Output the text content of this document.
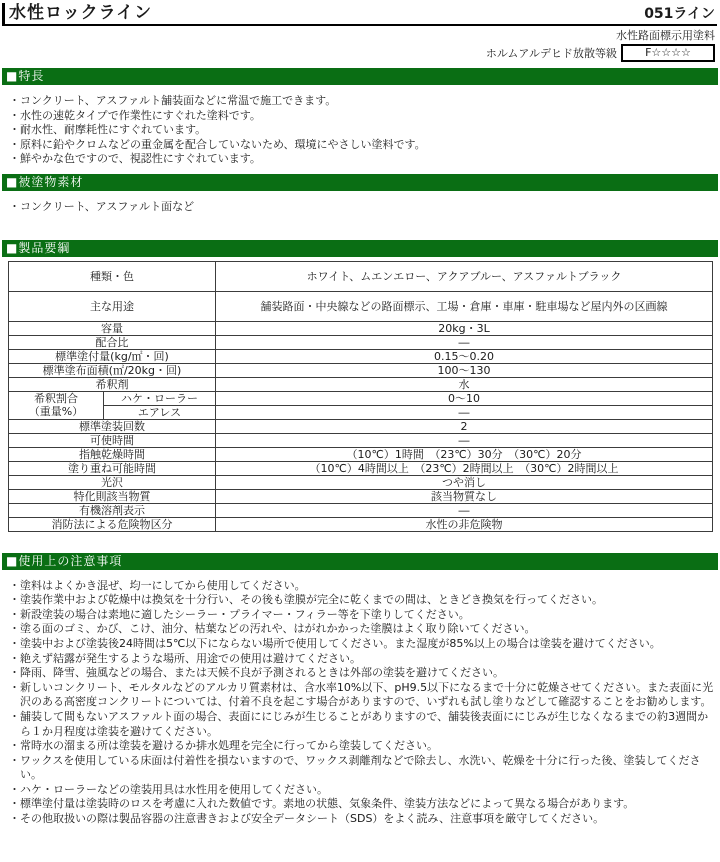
水性ロックライン	051ライン
水性路面標示用塗料
ホルムアルデヒド放散等級	F☆☆☆☆
■特長
・コンクリート、アスファルト舗装面などに常温で施工できます。
・水性の速乾タイプで作業性にすぐれた塗料です。
・耐水性、耐摩耗性にすぐれています。
・原料に鉛やクロムなどの重金属を配合していないため、環境にやさしい塗料です。
・鮮やかな色ですので、視認性にすぐれています。
■被塗物素材
・コンクリート、アスファルト面など
■製品要綱
種類・色		ホワイト、ムエンエロー、アクアブルー、アスファルトブラック
主な用途		舗装路面・中央線などの路面標示、工場・倉庫・車庫・駐車場など屋内外の区画線
容量		20kg・3L
配合比		―
標準塗付量(kg/㎡・回)		0.15～0.20
標準塗布面積(㎡/20kg・回)		100～130
希釈剤		水

希釈割合
（重量%）	ハケ・ローラー	0～10
	エアレス	―
標準塗装回数		2
可使時間		―
指触乾燥時間		（10℃）1時間　（23℃）30分　（30℃）20分
塗り重ね可能時間		（10℃）4時間以上　（23℃）2時間以上　（30℃）2時間以上
光沢		つや消し
特化則該当物質		該当物質なし
有機溶剤表示		―
消防法による危険物区分		水性の非危険物
■使用上の注意事項
・塗料はよくかき混ぜ、均一にしてから使用してください。
・塗装作業中および乾燥中は換気を十分行い、その後も塗膜が完全に乾くまでの間は、ときどき換気を行ってください。
・新設塗装の場合は素地に適したシーラー・プライマー・フィラー等を下塗りしてください。
・塗る面のゴミ、かび、こけ、油分、枯葉などの汚れや、はがれかかった塗膜はよく取り除いてください。
・塗装中および塗装後24時間は5℃以下にならない場所で使用してください。また湿度が85%以上の場合は塗装を避けてください。
・絶えず結露が発生するような場所、用途での使用は避けてください。
・降雨、降雪、強風などの場合、または天候不良が予測されるときは外部の塗装を避けてください。
・新しいコンクリート、モルタルなどのアルカリ質素材は、含水率10%以下、pH9.5以下になるまで十分に乾燥させてください。また表面に光沢のある高密度コンクリートについては、付着不良を起こす場合がありますので、いずれも試し塗りなどして確認することをお勧めします。
・舗装して間もないアスファルト面の場合、表面ににじみが生じることがありますので、舗装後表面ににじみが生じなくなるまでの約3週間から１か月程度は塗装を避けてください。
・常時水の溜まる所は塗装を避けるか排水処理を完全に行ってから塗装してください。
・ワックスを使用している床面は付着性を損ないますので、ワックス剥離剤などで除去し、水洗い、乾燥を十分に行った後、塗装してください。
・ハケ・ローラーなどの塗装用具は水性用を使用してください。
・標準塗付量は塗装時のロスを考慮に入れた数値です。素地の状態、気象条件、塗装方法などによって異なる場合があります。
・その他取扱いの際は製品容器の注意書きおよび安全データシート（SDS）をよく読み、注意事項を厳守してください。
